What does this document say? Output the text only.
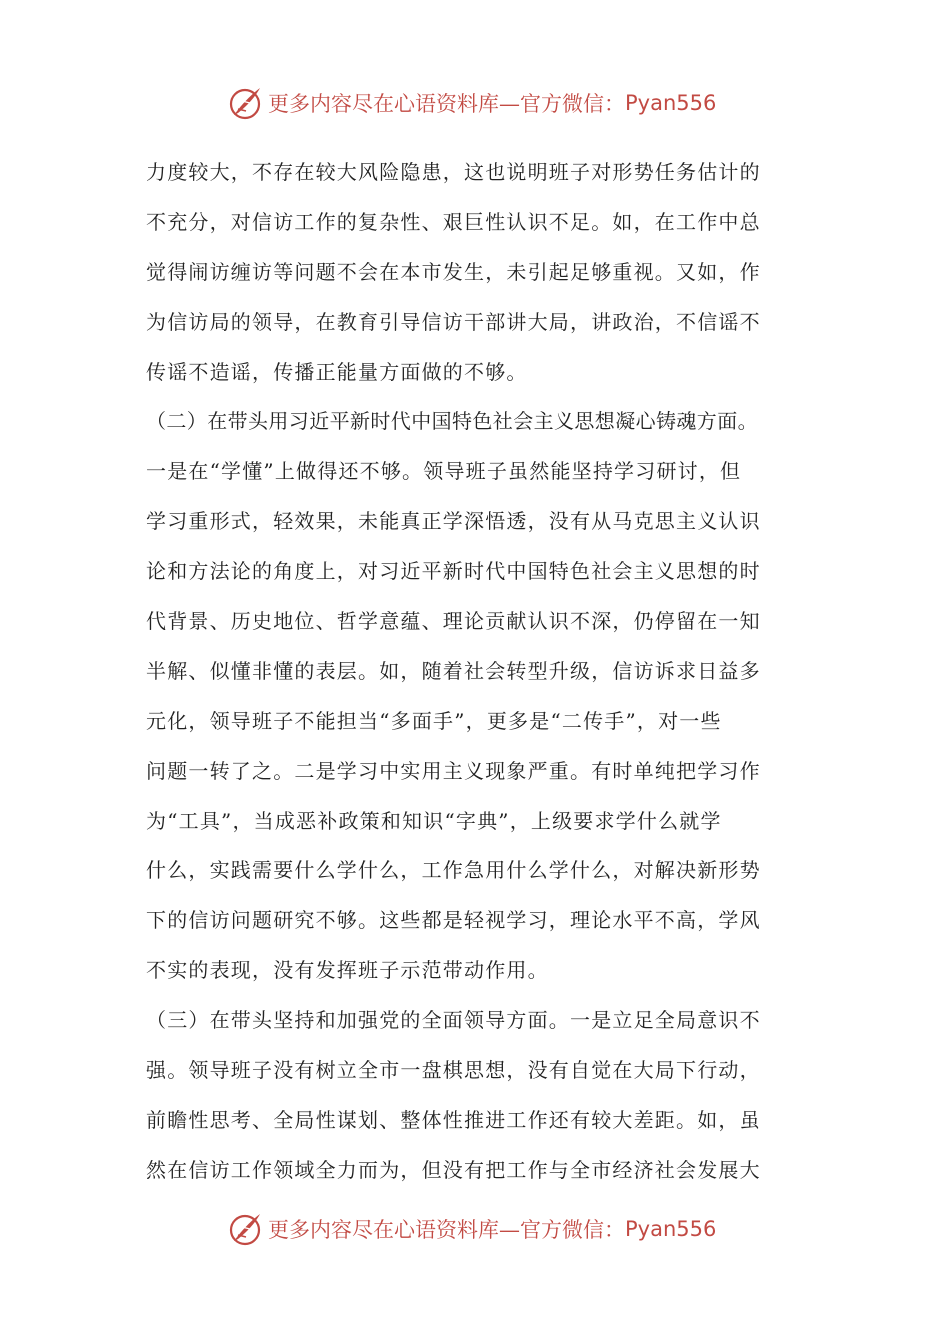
更多内容尽在心语资料库—官方微信： Pyan556
力度较大，不存在较大风险隐患，这也说明班子对形势任务估计的
不充分，对信访工作的复杂性、艰巨性认识不足。如，在工作中总
觉得闹访缠访等问题不会在本市发生，未引起足够重视。又如，作
为信访局的领导，在教育引导信访干部讲大局，讲政治，不信谣不
传谣不造谣，传播正能量方面做的不够。
（二）在带头用习近平新时代中国特色社会主义思想凝心铸魂方面。
一是在“学懂”上做得还不够。领导班子虽然能坚持学习研讨，但
学习重形式，轻效果，未能真正学深悟透，没有从马克思主义认识
论和方法论的角度上，对习近平新时代中国特色社会主义思想的时
代背景、历史地位、哲学意蕴、理论贡献认识不深，仍停留在一知
半解、似懂非懂的表层。如，随着社会转型升级，信访诉求日益多
元化，领导班子不能担当“多面手”，更多是“二传手”，对一些
问题一转了之。二是学习中实用主义现象严重。有时单纯把学习作
为“工具”，当成恶补政策和知识“字典”，上级要求学什么就学
什么，实践需要什么学什么，工作急用什么学什么，对解决新形势
下的信访问题研究不够。这些都是轻视学习，理论水平不高，学风
不实的表现，没有发挥班子示范带动作用。
（三）在带头坚持和加强党的全面领导方面。一是立足全局意识不
强。领导班子没有树立全市一盘棋思想，没有自觉在大局下行动，
前瞻性思考、全局性谋划、整体性推进工作还有较大差距。如，虽
然在信访工作领域全力而为，但没有把工作与全市经济社会发展大
更多内容尽在心语资料库—官方微信： Pyan556
